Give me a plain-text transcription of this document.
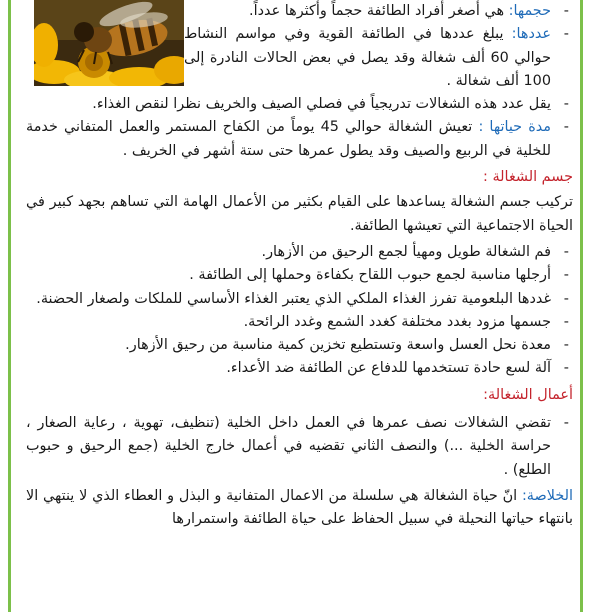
- حجمها: هي أصغر أفراد الطائفة حجماً وأكثرها عدداً.
- عددها: يبلغ عددها في الطائفة القوية وفي مواسم النشاط حوالي 60 ألف شغالة وقد يصل في بعض الحالات النادرة إلى 100 ألف شغالة .
- يقل عدد هذه الشغالات تدريجياً في فصلي الصيف والخريف نظرا لنقص الغذاء.
- مدة حياتها : تعيش الشغالة حوالي 45 يوماً من الكفاح المستمر والعمل المتفاني خدمة للخلية في الربيع والصيف وقد يطول عمرها حتى ستة أشهر في الخريف .

جسم الشغالة :

تركيب جسم الشغالة يساعدها على القيام بكثير من الأعمال الهامة التي تساهم بجهد كبير في الحياة الاجتماعية التي تعيشها الطائفة.

- فم الشغالة طويل ومهيأ لجمع الرحيق من الأزهار.
- أرجلها مناسبة لجمع حبوب اللقاح بكفاءة وحملها إلى الطائفة .
- غددها البلعومية تفرز الغذاء الملكي الذي يعتبر الغذاء الأساسي للملكات ولصغار الحضنة.
- جسمها مزود بغدد مختلفة كغدد الشمع وغدد الرائحة.
- معدة نحل العسل واسعة وتستطيع تخزين كمية مناسبة من رحيق الأزهار.
- آلة لسع حادة تستخدمها للدفاع عن الطائفة ضد الأعداء.

أعمال الشغالة:

- تقضي الشغالات نصف عمرها في العمل داخل الخلية (تنظيف، تهوية ، رعاية الصغار ، حراسة الخلية ...) والنصف الثاني تقضيه في أعمال خارج الخلية (جمع الرحيق و حبوب الطلع) .

الخلاصة: انّ حياة الشغالة هي سلسلة من الاعمال المتفانية و البذل و العطاء الذي لا ينتهي الا بانتهاء حياتها النحيلة في سبيل الحفاظ على حياة الطائفة واستمرارها
